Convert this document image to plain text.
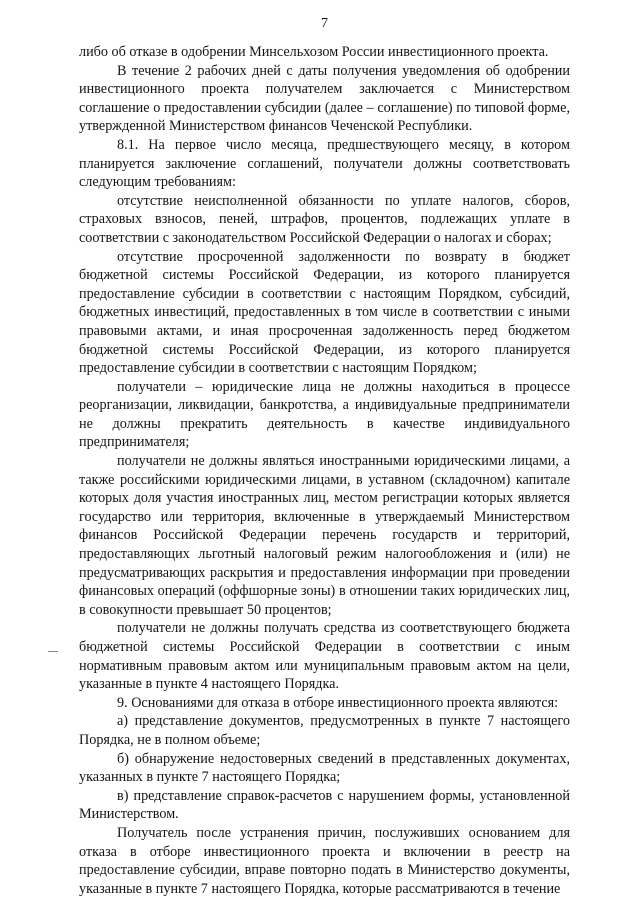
7

либо об отказе в одобрении Минсельхозом России инвестиционного проекта.

В течение 2 рабочих дней с даты получения уведомления об одобрении инвестиционного проекта получателем заключается с Министерством соглашение о предоставлении субсидии (далее – соглашение) по типовой форме, утвержденной Министерством финансов Чеченской Республики.

8.1. На первое число месяца, предшествующего месяцу, в котором планируется заключение соглашений, получатели должны соответствовать следующим требованиям:

отсутствие неисполненной обязанности по уплате налогов, сборов, страховых взносов, пеней, штрафов, процентов, подлежащих уплате в соответствии с законодательством Российской Федерации о налогах и сборах;

отсутствие просроченной задолженности по возврату в бюджет бюджетной системы Российской Федерации, из которого планируется предоставление субсидии в соответствии с настоящим Порядком, субсидий, бюджетных инвестиций, предоставленных в том числе в соответствии с иными правовыми актами, и иная просроченная задолженность перед бюджетом бюджетной системы Российской Федерации, из которого планируется предоставление субсидии в соответствии с настоящим Порядком;

получатели – юридические лица не должны находиться в процессе реорганизации, ликвидации, банкротства, а индивидуальные предприниматели не должны прекратить деятельность в качестве индивидуального предпринимателя;

получатели не должны являться иностранными юридическими лицами, а также российскими юридическими лицами, в уставном (складочном) капитале которых доля участия иностранных лиц, местом регистрации которых является государство или территория, включенные в утверждаемый Министерством финансов Российской Федерации перечень государств и территорий, предоставляющих льготный налоговый режим налогообложения и (или) не предусматривающих раскрытия и предоставления информации при проведении финансовых операций (оффшорные зоны) в отношении таких юридических лиц, в совокупности превышает 50 процентов;

получатели не должны получать средства из соответствующего бюджета бюджетной системы Российской Федерации в соответствии с иным нормативным правовым актом или муниципальным правовым актом на цели, указанные в пункте 4 настоящего Порядка.

9. Основаниями для отказа в отборе инвестиционного проекта являются:

а) представление документов, предусмотренных в пункте 7 настоящего Порядка, не в полном объеме;

б) обнаружение недостоверных сведений в представленных документах, указанных в пункте 7 настоящего Порядка;

в) представление справок-расчетов с нарушением формы, установленной Министерством.

Получатель после устранения причин, послуживших основанием для отказа в отборе инвестиционного проекта и включении в реестр на предоставление субсидии, вправе повторно подать в Министерство документы, указанные в пункте 7 настоящего Порядка, которые рассматриваются в течение
